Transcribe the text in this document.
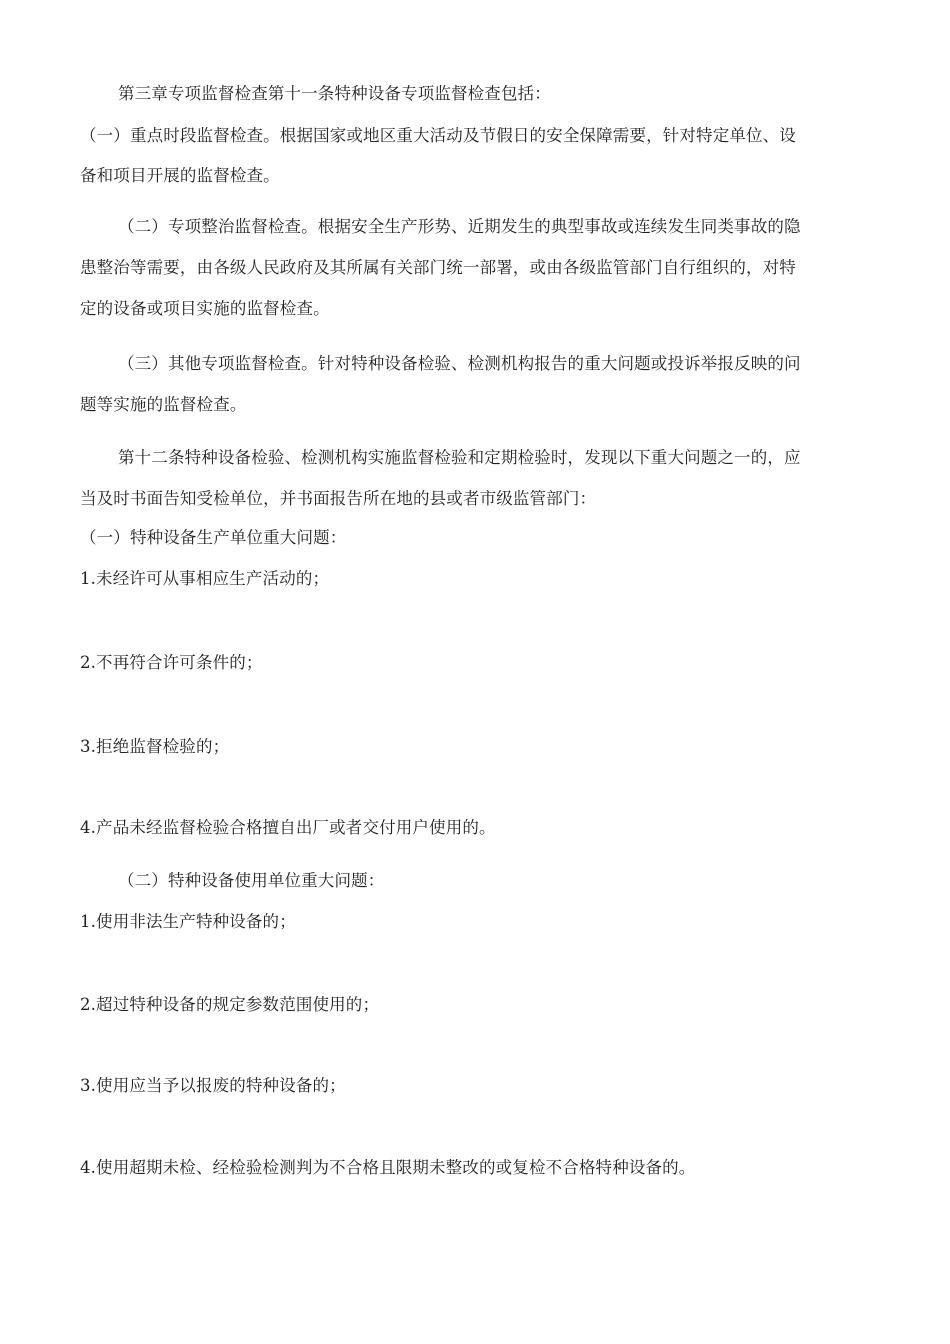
第三章专项监督检查第十一条特种设备专项监督检查包括：
（一）重点时段监督检查。根据国家或地区重大活动及节假日的安全保障需要，针对特定单位、设
备和项目开展的监督检查。
（二）专项整治监督检查。根据安全生产形势、近期发生的典型事故或连续发生同类事故的隐
患整治等需要，由各级人民政府及其所属有关部门统一部署，或由各级监管部门自行组织的，对特
定的设备或项目实施的监督检查。
（三）其他专项监督检查。针对特种设备检验、检测机构报告的重大问题或投诉举报反映的问
题等实施的监督检查。
第十二条特种设备检验、检测机构实施监督检验和定期检验时，发现以下重大问题之一的，应
当及时书面告知受检单位，并书面报告所在地的县或者市级监管部门：
（一）特种设备生产单位重大问题：
1.未经许可从事相应生产活动的；
2.不再符合许可条件的；
3.拒绝监督检验的；
4.产品未经监督检验合格擅自出厂或者交付用户使用的。
（二）特种设备使用单位重大问题：
1.使用非法生产特种设备的；
2.超过特种设备的规定参数范围使用的；
3.使用应当予以报废的特种设备的；
4.使用超期未检、经检验检测判为不合格且限期未整改的或复检不合格特种设备的。
